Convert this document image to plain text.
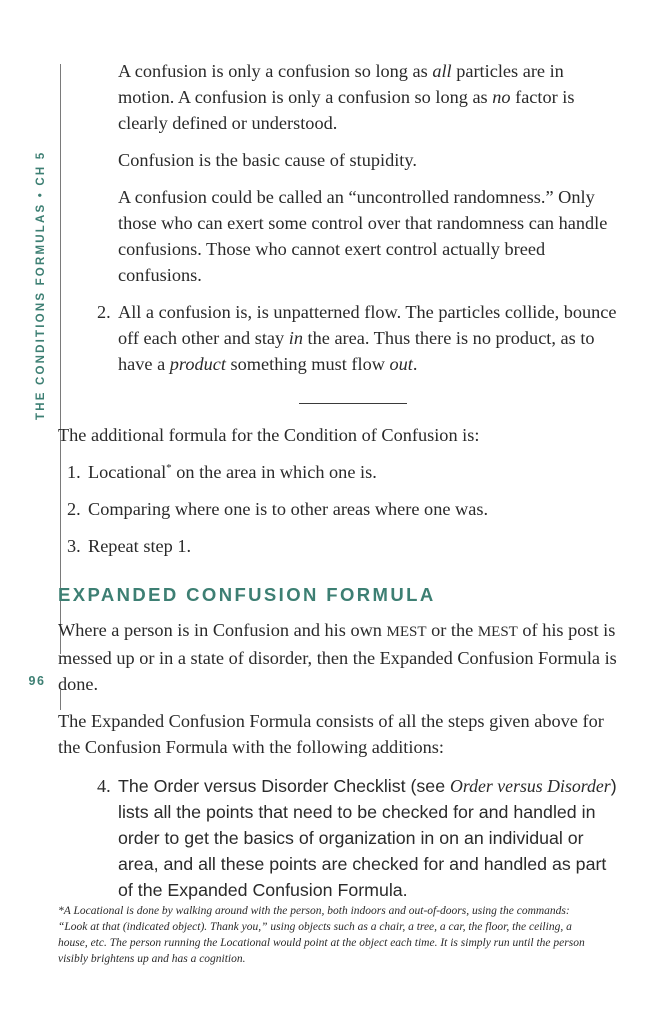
THE CONDITIONS FORMULAS • CH 5
96

A confusion is only a confusion so long as all particles are in motion. A confusion is only a confusion so long as no factor is clearly defined or understood.

Confusion is the basic cause of stupidity.

A confusion could be called an “uncontrolled randomness.” Only those who can exert some control over that randomness can handle confusions. Those who cannot exert control actually breed confusions.

2. All a confusion is, is unpatterned flow. The particles collide, bounce off each other and stay in the area. Thus there is no product, as to have a product something must flow out.

The additional formula for the Condition of Confusion is:

1. Locational* on the area in which one is.

2. Comparing where one is to other areas where one was.

3. Repeat step 1.

EXPANDED CONFUSION FORMULA

Where a person is in Confusion and his own MEST or the MEST of his post is messed up or in a state of disorder, then the Expanded Confusion Formula is done.

The Expanded Confusion Formula consists of all the steps given above for the Confusion Formula with the following additions:

4. The Order versus Disorder Checklist (see Order versus Disorder) lists all the points that need to be checked for and handled in order to get the basics of organization in on an individual or area, and all these points are checked for and handled as part of the Expanded Confusion Formula.

*A Locational is done by walking around with the person, both indoors and out-of-doors, using the commands: “Look at that (indicated object). Thank you,” using objects such as a chair, a tree, a car, the floor, the ceiling, a house, etc. The person running the Locational would point at the object each time. It is simply run until the person visibly brightens up and has a cognition.
